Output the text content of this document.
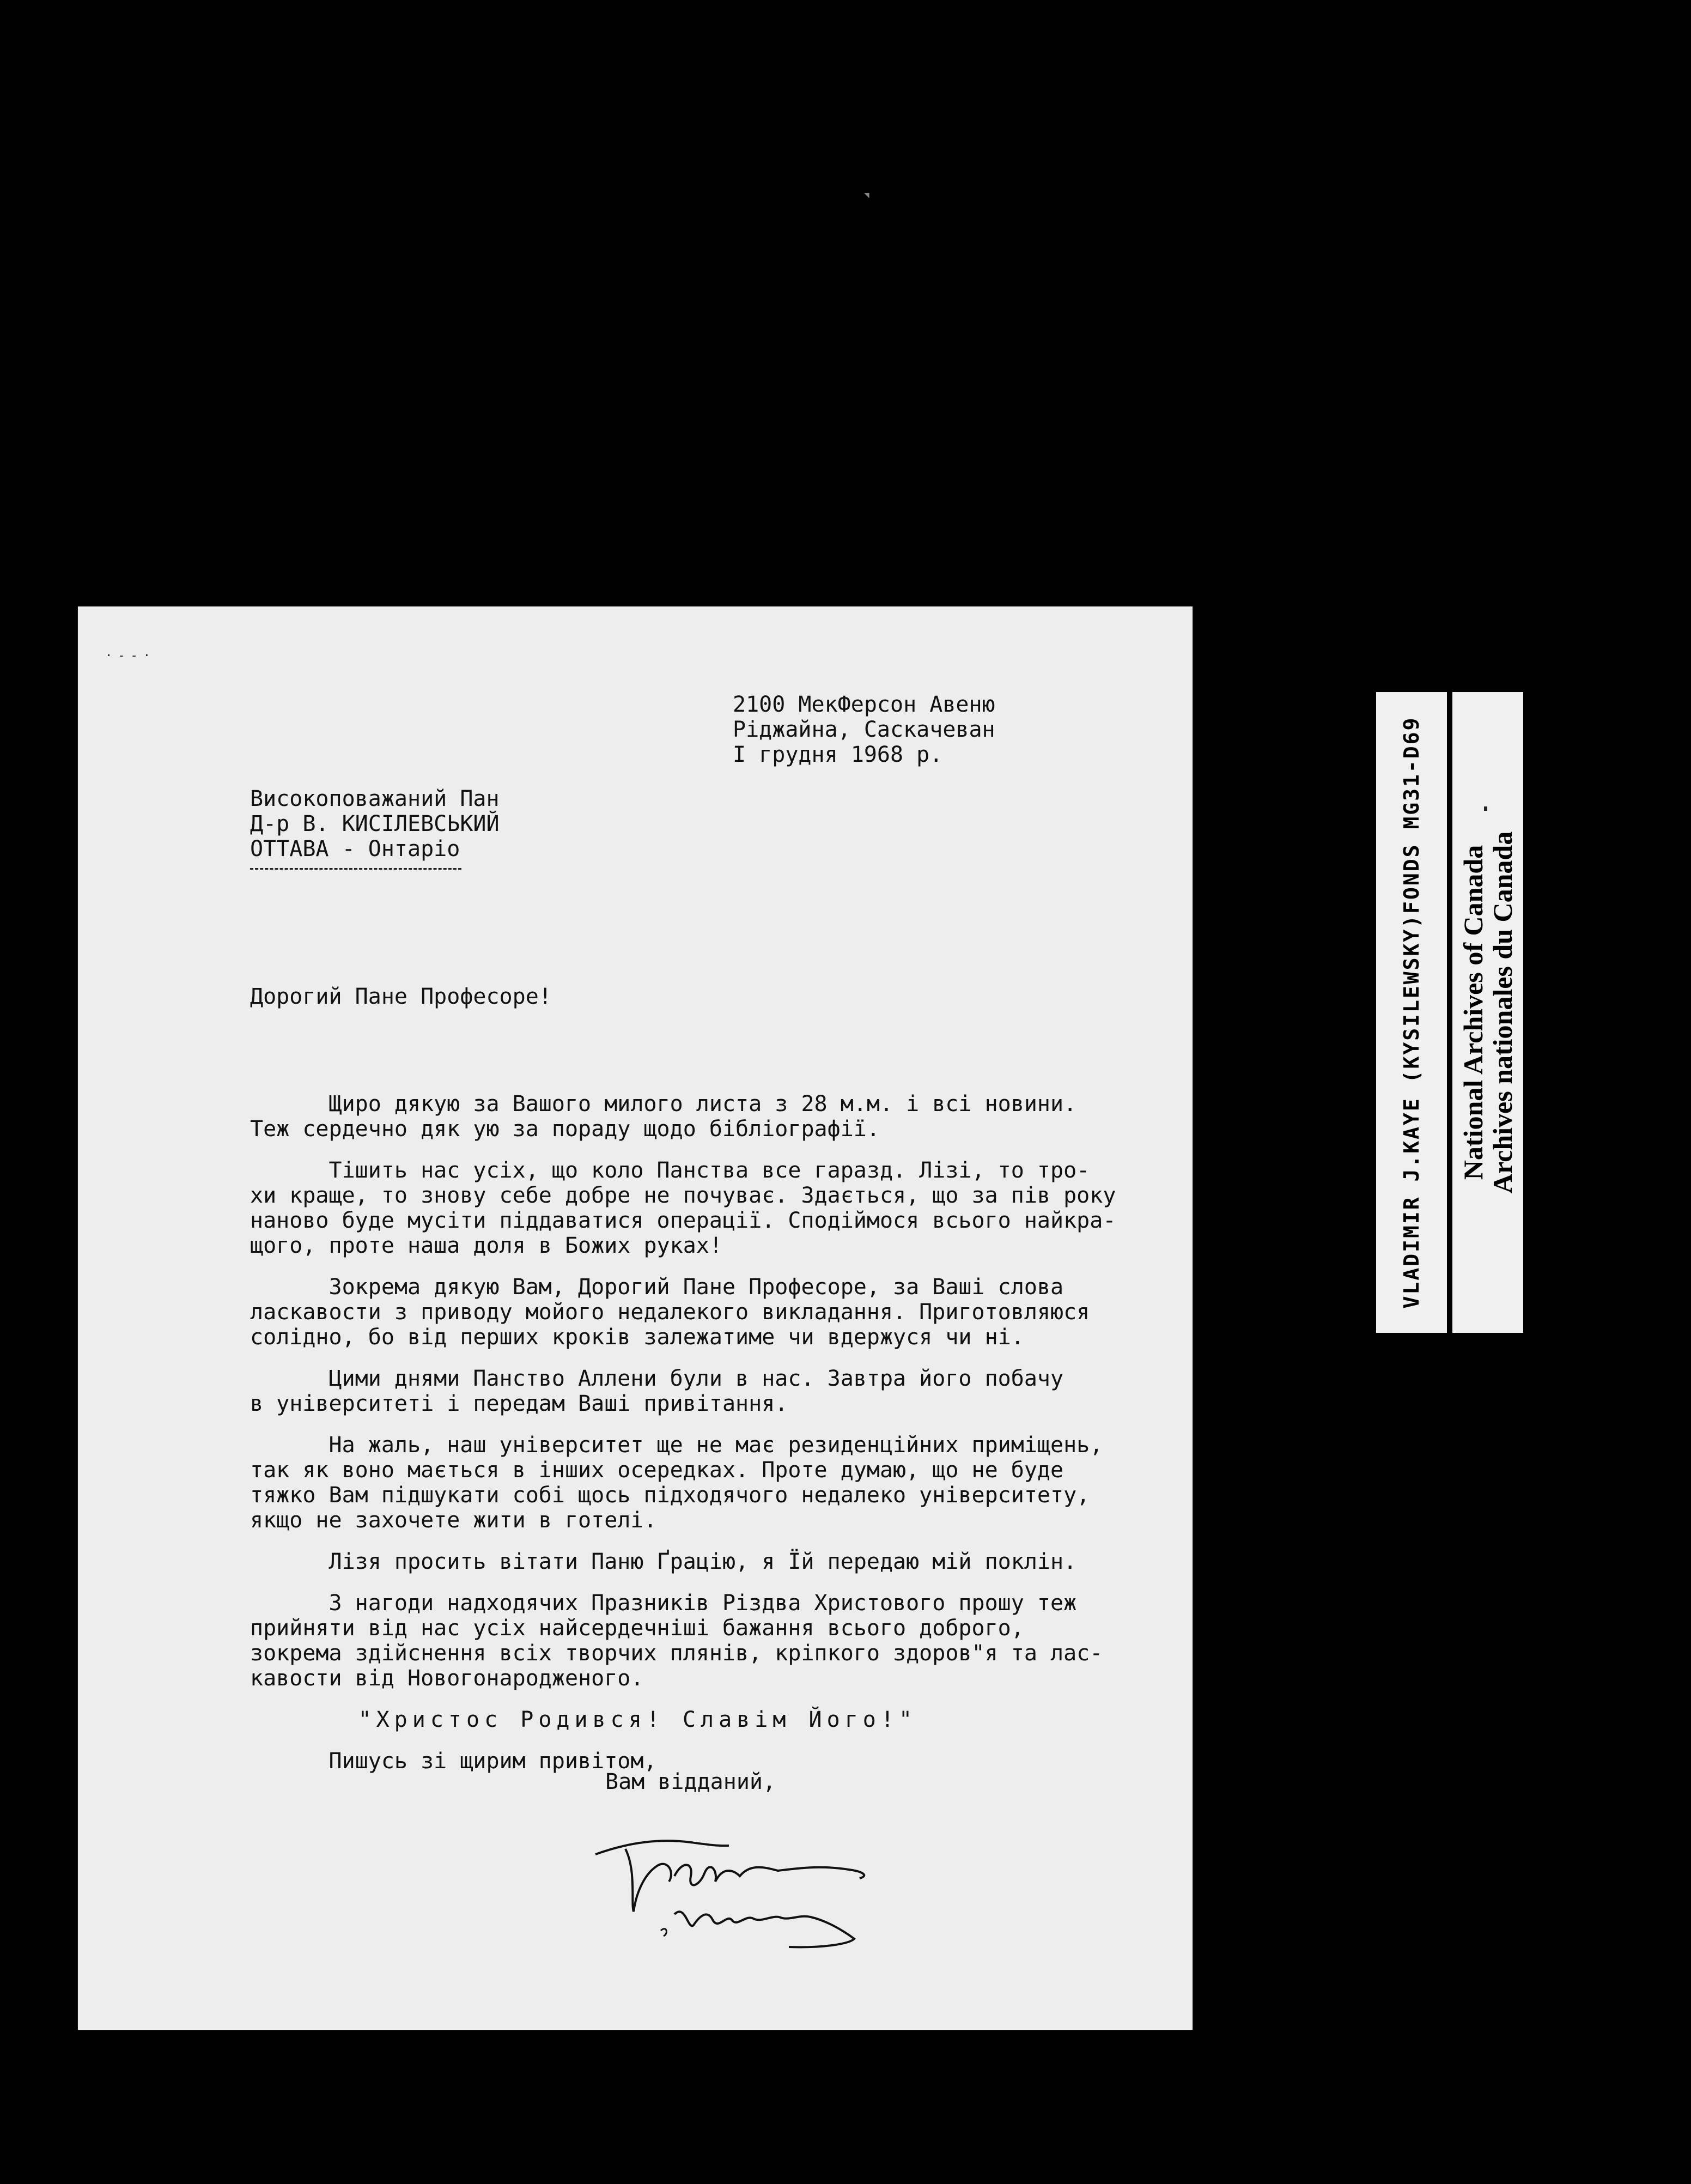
◥
·‐‐·
2100 МекФерсон Авеню
Ріджайна, Саскачеван
I грудня 1968 р.
Високоповажаний Пан
Д-р В. КИСІЛЕВСЬКИЙ
ОТТАВА - Онтаріо
Дорогий Пане Професоре!

Щиро дякую за Вашого милого листа з 28 м.м. і всі новини.
Теж сердечно дяк ую за пораду щодо бібліографії.

Тішить нас усіх, що коло Панства все гаразд. Лізі, то тро-
хи краще, то знову себе добре не почуває. Здається, що за пів року
наново буде мусіти піддаватися операції. Сподіймося всього найкра-
щого, проте наша доля в Божих руках!

Зокрема дякую Вам, Дорогий Пане Професоре, за Ваші слова
ласкавости з приводу мойого недалекого викладання. Приготовляюся
солідно, бо від перших кроків залежатиме чи вдержуся чи ні.

Цими днями Панство Аллени були в нас. Завтра його побачу
в університеті і передам Ваші привітання.

На жаль, наш університет ще не має резиденційних приміщень,
так як воно мається в інших осередках. Проте думаю, що не буде
тяжко Вам підшукати собі щось підходячого недалеко університету,
якщо не захочете жити в готелі.

Лізя просить вітати Паню Ґрацію, я Їй передаю мій поклін.

З нагоди надходячих Празників Різдва Христового прошу теж
прийняти від нас усіх найсердечніші бажання всього доброго,
зокрема здійснення всіх творчих плянів, кріпкого здоров"я та лас-
кавости від Новогонародженого.

"Христос Родився! Славім Його!"

Пишусь зі щирим привітом,

Вам відданий,
VLADIMIR J.KAYE (KYSILEWSKY)FONDS MG31-D69 National Archives of Canada
Archives nationales du Canada
